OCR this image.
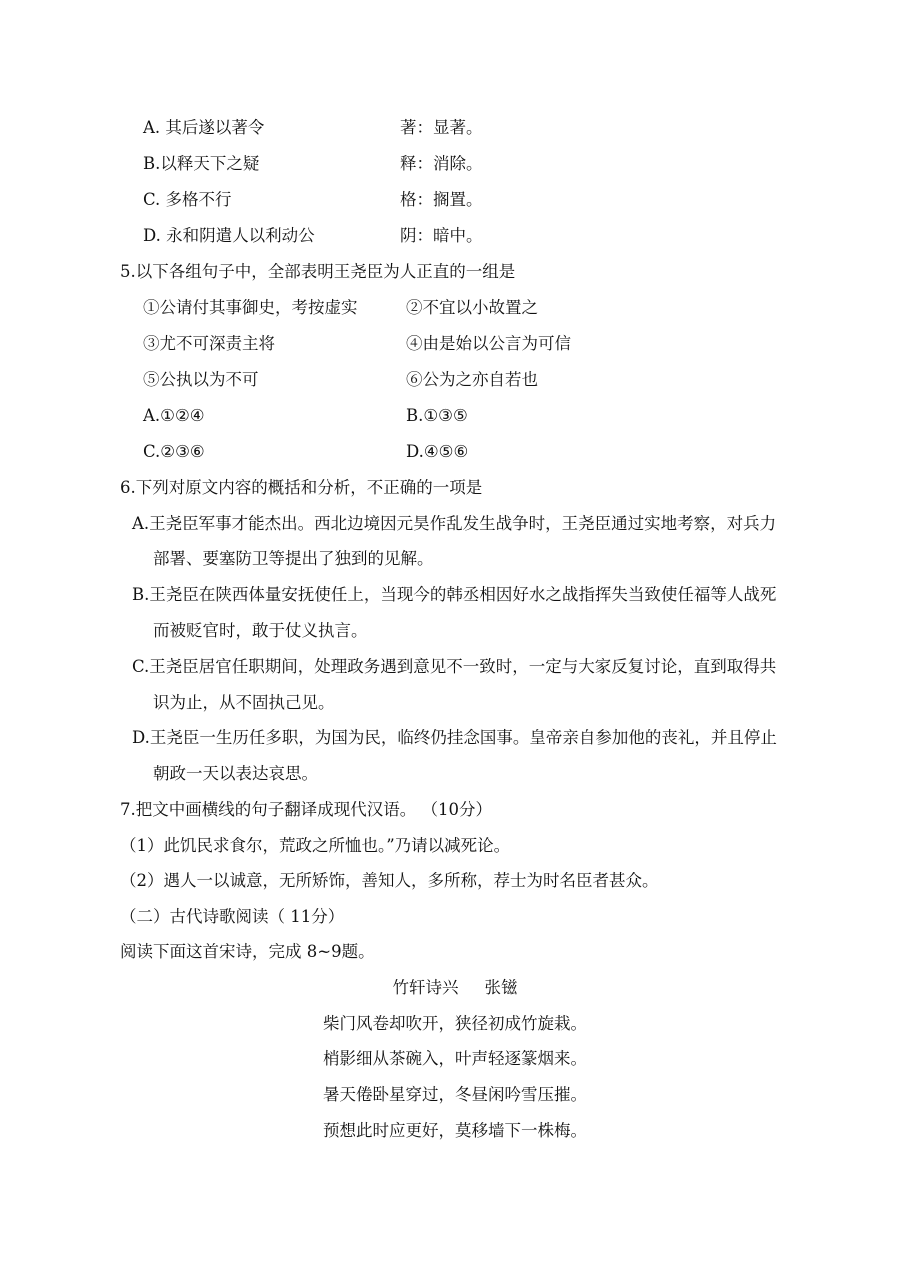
A. 其后遂以著令	著：显著。
B.以释天下之疑	释：消除。
C. 多格不行	格：搁置。
D. 永和阴遣人以利动公	阴：暗中。
5.以下各组句子中，全部表明王尧臣为人正直的一组是
①公请付其事御史，考按虚实	②不宜以小故置之
③尤不可深责主将	④由是始以公言为可信
⑤公执以为不可	⑥公为之亦自若也
A.①②④	B.①③⑤
C.②③⑥	D.④⑤⑥
6.下列对原文内容的概括和分析，不正确的一项是
A.王尧臣军事才能杰出。西北边境因元昊作乱发生战争时，王尧臣通过实地考察，对兵力
部署、要塞防卫等提出了独到的见解。
B.王尧臣在陕西体量安抚使任上，当现今的韩丞相因好水之战指挥失当致使任福等人战死
而被贬官时，敢于仗义执言。
C.王尧臣居官任职期间，处理政务遇到意见不一致时，一定与大家反复讨论，直到取得共
识为止，从不固执己见。
D.王尧臣一生历任多职，为国为民，临终仍挂念国事。皇帝亲自参加他的丧礼，并且停止
朝政一天以表达哀思。
7.把文中画横线的句子翻译成现代汉语。 （10分）
（1）此饥民求食尔，荒政之所恤也。”乃请以减死论。
（2）遇人一以诚意，无所矫饰，善知人，多所称，荐士为时名臣者甚众。
（二）古代诗歌阅读（ 11分）
阅读下面这首宋诗，完成 8~9题。
竹轩诗兴 张镃
柴门风卷却吹开，狭径初成竹旋栽。
梢影细从茶碗入，叶声轻逐篆烟来。
暑天倦卧星穿过，冬昼闲吟雪压摧。
预想此时应更好，莫移墙下一株梅。
